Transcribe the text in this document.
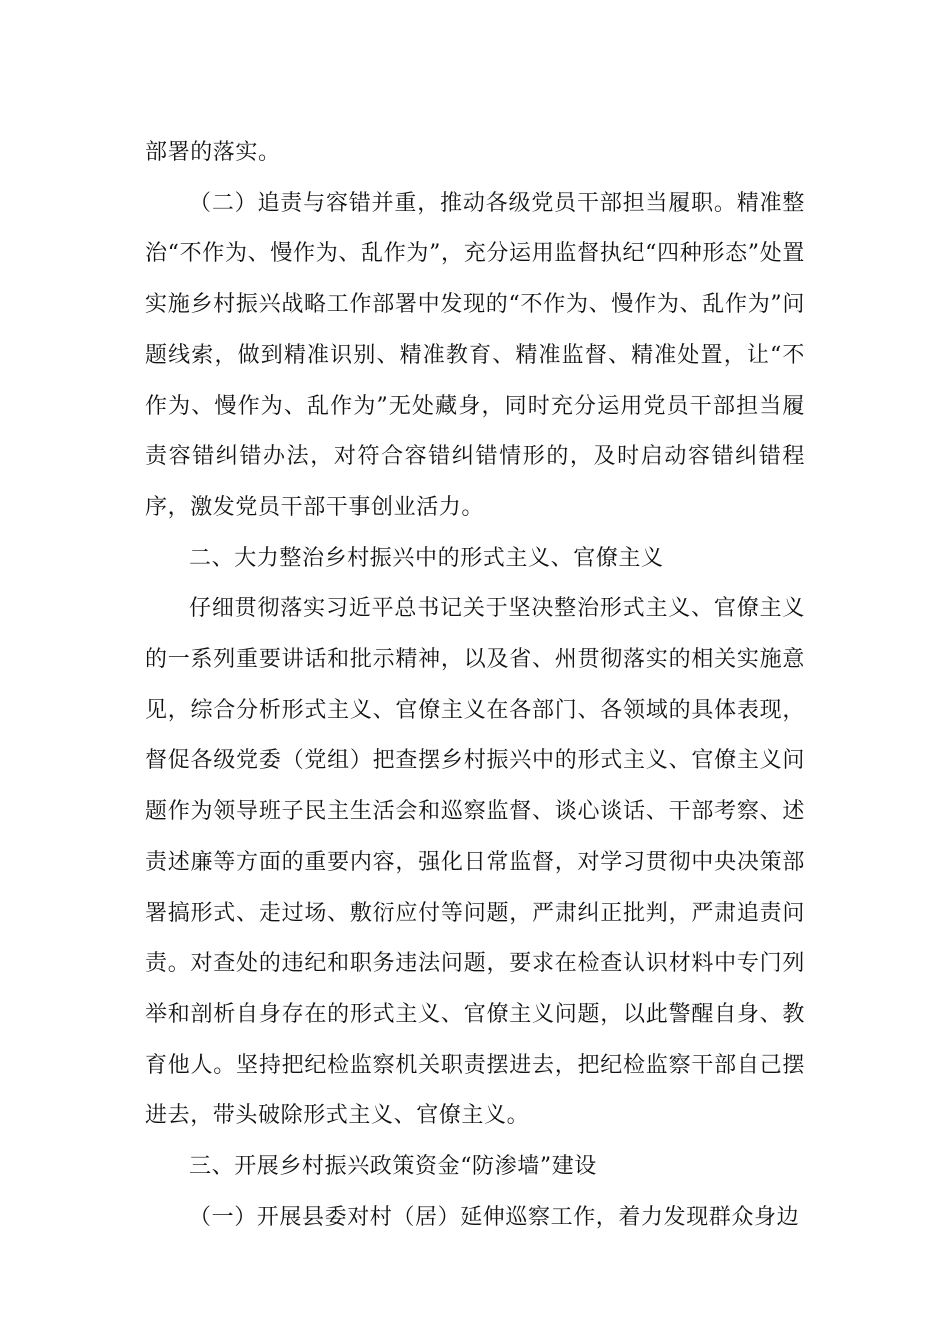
部署的落实。

（二）追责与容错并重，推动各级党员干部担当履职。精准整治“不作为、慢作为、乱作为”，充分运用监督执纪“四种形态”处置实施乡村振兴战略工作部署中发现的“不作为、慢作为、乱作为”问题线索，做到精准识别、精准教育、精准监督、精准处置，让“不作为、慢作为、乱作为”无处藏身，同时充分运用党员干部担当履责容错纠错办法，对符合容错纠错情形的，及时启动容错纠错程序，激发党员干部干事创业活力。

二、大力整治乡村振兴中的形式主义、官僚主义

仔细贯彻落实习近平总书记关于坚决整治形式主义、官僚主义的一系列重要讲话和批示精神，以及省、州贯彻落实的相关实施意见，综合分析形式主义、官僚主义在各部门、各领域的具体表现，督促各级党委（党组）把查摆乡村振兴中的形式主义、官僚主义问题作为领导班子民主生活会和巡察监督、谈心谈话、干部考察、述责述廉等方面的重要内容，强化日常监督，对学习贯彻中央决策部署搞形式、走过场、敷衍应付等问题，严肃纠正批判，严肃追责问责。对查处的违纪和职务违法问题，要求在检查认识材料中专门列举和剖析自身存在的形式主义、官僚主义问题，以此警醒自身、教育他人。坚持把纪检监察机关职责摆进去，把纪检监察干部自己摆进去，带头破除形式主义、官僚主义。

三、开展乡村振兴政策资金“防渗墙”建设

（一）开展县委对村（居）延伸巡察工作，着力发现群众身边
